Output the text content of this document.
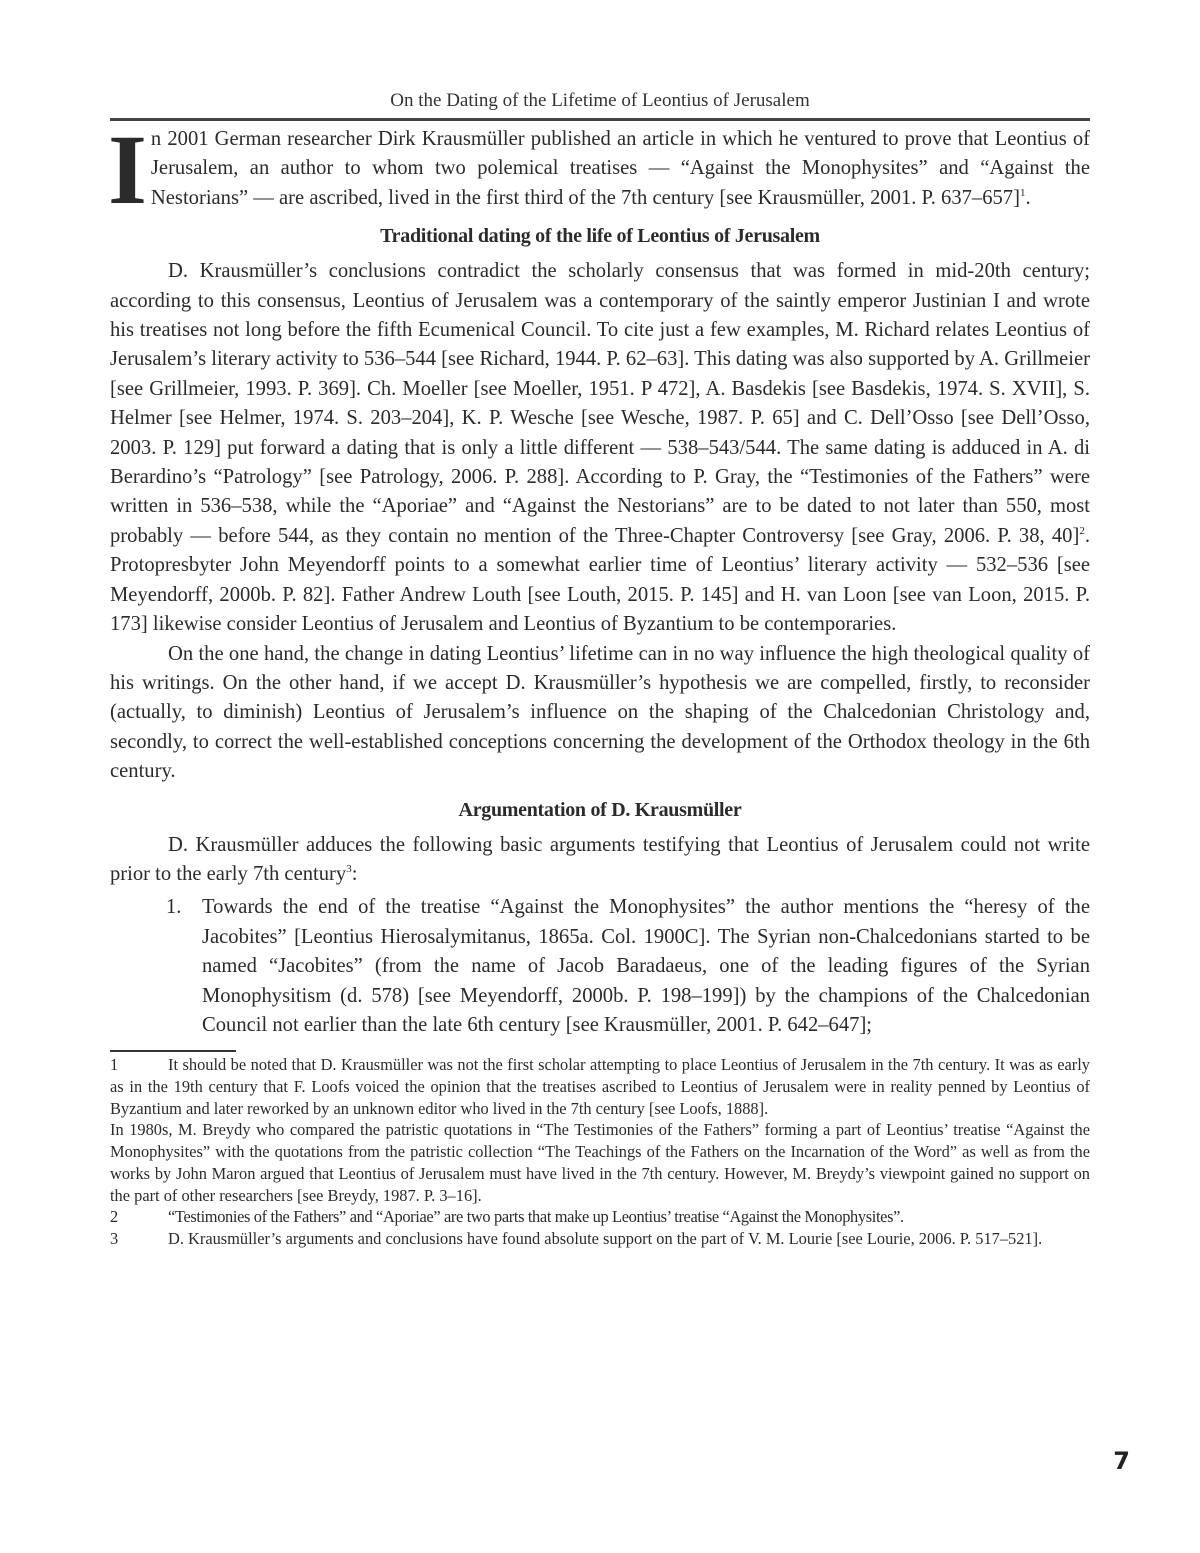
On the Dating of the Lifetime of Leontius of Jerusalem

In 2001 German researcher Dirk Krausmüller published an article in which he ventured to prove that Leontius of Jerusalem, an author to whom two polemical treatises — “Against the Monophysites” and “Against the Nestorians” — are ascribed, lived in the first third of the 7th century [see Krausmüller, 2001. P. 637–657]$^1$.

Traditional dating of the life of Leontius of Jerusalem

D. Krausmüller’s conclusions contradict the scholarly consensus that was formed in mid-20th century; according to this consensus, Leontius of Jerusalem was a contemporary of the saintly emperor Justinian I and wrote his treatises not long before the fifth Ecumenical Council. To cite just a few examples, M. Richard relates Leontius of Jerusalem’s literary activity to 536–544 [see Richard, 1944. P. 62–63]. This dating was also supported by A. Grillmeier [see Grillmeier, 1993. P. 369]. Ch. Moeller [see Moeller, 1951. P 472], A. Basdekis [see Basdekis, 1974. S. XVII], S. Helmer [see Helmer, 1974. S. 203–204], K. P. Wesche [see Wesche, 1987. P. 65] and C. Dell’Osso [see Dell’Osso, 2003. P. 129] put forward a dating that is only a little different — 538–543/544. The same dating is adduced in A. di Berardino’s “Patrology” [see Patrology, 2006. P. 288]. According to P. Gray, the “Testimonies of the Fathers” were written in 536–538, while the “Aporiae” and “Against the Nestorians” are to be dated to not later than 550, most probably — before 544, as they contain no mention of the Three-Chapter Controversy [see Gray, 2006. P. 38, 40]$^2$. Protopresbyter John Meyendorff points to a somewhat earlier time of Leontius’ literary activity — 532–536 [see Meyendorff, 2000b. P. 82]. Father Andrew Louth [see Louth, 2015. P. 145] and H. van Loon [see van Loon, 2015. P. 173] likewise consider Leontius of Jerusalem and Leontius of Byzantium to be contemporaries.

On the one hand, the change in dating Leontius’ lifetime can in no way influence the high theological quality of his writings. On the other hand, if we accept D. Krausmüller’s hypothesis we are compelled, firstly, to reconsider (actually, to diminish) Leontius of Jerusalem’s influence on the shaping of the Chalcedonian Christology and, secondly, to correct the well-established conceptions concerning the development of the Orthodox theology in the 6th century.

Argumentation of D. Krausmüller

D. Krausmüller adduces the following basic arguments testifying that Leontius of Jerusalem could not write prior to the early 7th century$^3$:

1. Towards the end of the treatise “Against the Monophysites” the author mentions the “heresy of the Jacobites” [Leontius Hierosalymitanus, 1865a. Col. 1900C]. The Syrian non-Chalcedonians started to be named “Jacobites” (from the name of Jacob Baradaeus, one of the leading figures of the Syrian Monophysitism (d. 578) [see Meyendorff, 2000b. P. 198–199]) by the champions of the Chalcedonian Council not earlier than the late 6th century [see Krausmüller, 2001. P. 642–647];

1	It should be noted that D. Krausmüller was not the first scholar attempting to place Leontius of Jerusalem in the 7th century. It was as early as in the 19th century that F. Loofs voiced the opinion that the treatises ascribed to Leontius of Jerusalem were in reality penned by Leontius of Byzantium and later reworked by an unknown editor who lived in the 7th century [see Loofs, 1888].

In 1980s, M. Breydy who compared the patristic quotations in “The Testimonies of the Fathers” forming a part of Leontius’ treatise “Against the Monophysites” with the quotations from the patristic collection “The Teachings of the Fathers on the Incarnation of the Word” as well as from the works by John Maron argued that Leontius of Jerusalem must have lived in the 7th century. However, M. Breydy’s viewpoint gained no support on the part of other researchers [see Breydy, 1987. P. 3–16].

2	“Testimonies of the Fathers” and “Aporiae” are two parts that make up Leontius’ treatise “Against the Monophysites”.

3	D. Krausmüller’s arguments and conclusions have found absolute support on the part of V. M. Lourie [see Lourie, 2006. P. 517–521].

7
